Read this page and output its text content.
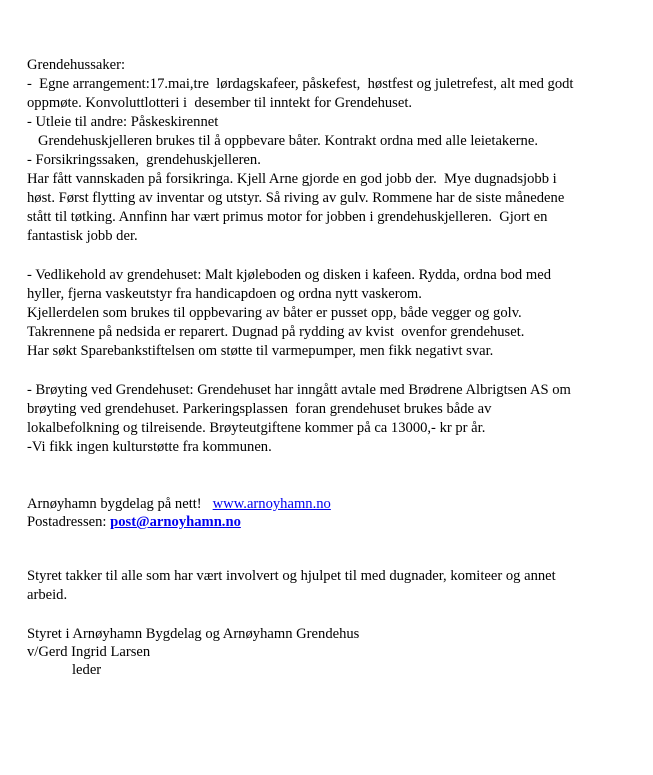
Grendehussaker:
-  Egne arrangement:17.mai,tre  lørdagskafeer, påskefest,  høstfest og juletrefest, alt med godt
oppmøte. Konvoluttlotteri i  desember til inntekt for Grendehuset.
- Utleie til andre: Påskeskirennet
Grendehuskjelleren brukes til å oppbevare båter. Kontrakt ordna med alle leietakerne.
- Forsikringssaken,  grendehuskjelleren.
Har fått vannskaden på forsikringa. Kjell Arne gjorde en god jobb der.  Mye dugnadsjobb i
høst. Først flytting av inventar og utstyr. Så riving av gulv. Rommene har de siste månedene
stått til tøtking. Annfinn har vært primus motor for jobben i grendehuskjelleren.  Gjort en
fantastisk jobb der.
- Vedlikehold av grendehuset: Malt kjøleboden og disken i kafeen. Rydda, ordna bod med
hyller, fjerna vaskeutstyr fra handicapdoen og ordna nytt vaskerom.
Kjellerdelen som brukes til oppbevaring av båter er pusset opp, både vegger og golv.
Takrennene på nedsida er reparert. Dugnad på rydding av kvist  ovenfor grendehuset.
Har søkt Sparebankstiftelsen om støtte til varmepumper, men fikk negativt svar.
- Brøyting ved Grendehuset: Grendehuset har inngått avtale med Brødrene Albrigtsen AS om
brøyting ved grendehuset. Parkeringsplassen  foran grendehuset brukes både av
lokalbefolkning og tilreisende. Brøyteutgiftene kommer på ca 13000,- kr pr år.
-Vi fikk ingen kulturstøtte fra kommunen.
Arnøyhamn bygdelag på nett!   www.arnoyhamn.no
Postadressen: post@arnoyhamn.no
Styret takker til alle som har vært involvert og hjulpet til med dugnader, komiteer og annet
arbeid.
Styret i Arnøyhamn Bygdelag og Arnøyhamn Grendehus
v/Gerd Ingrid Larsen
leder
